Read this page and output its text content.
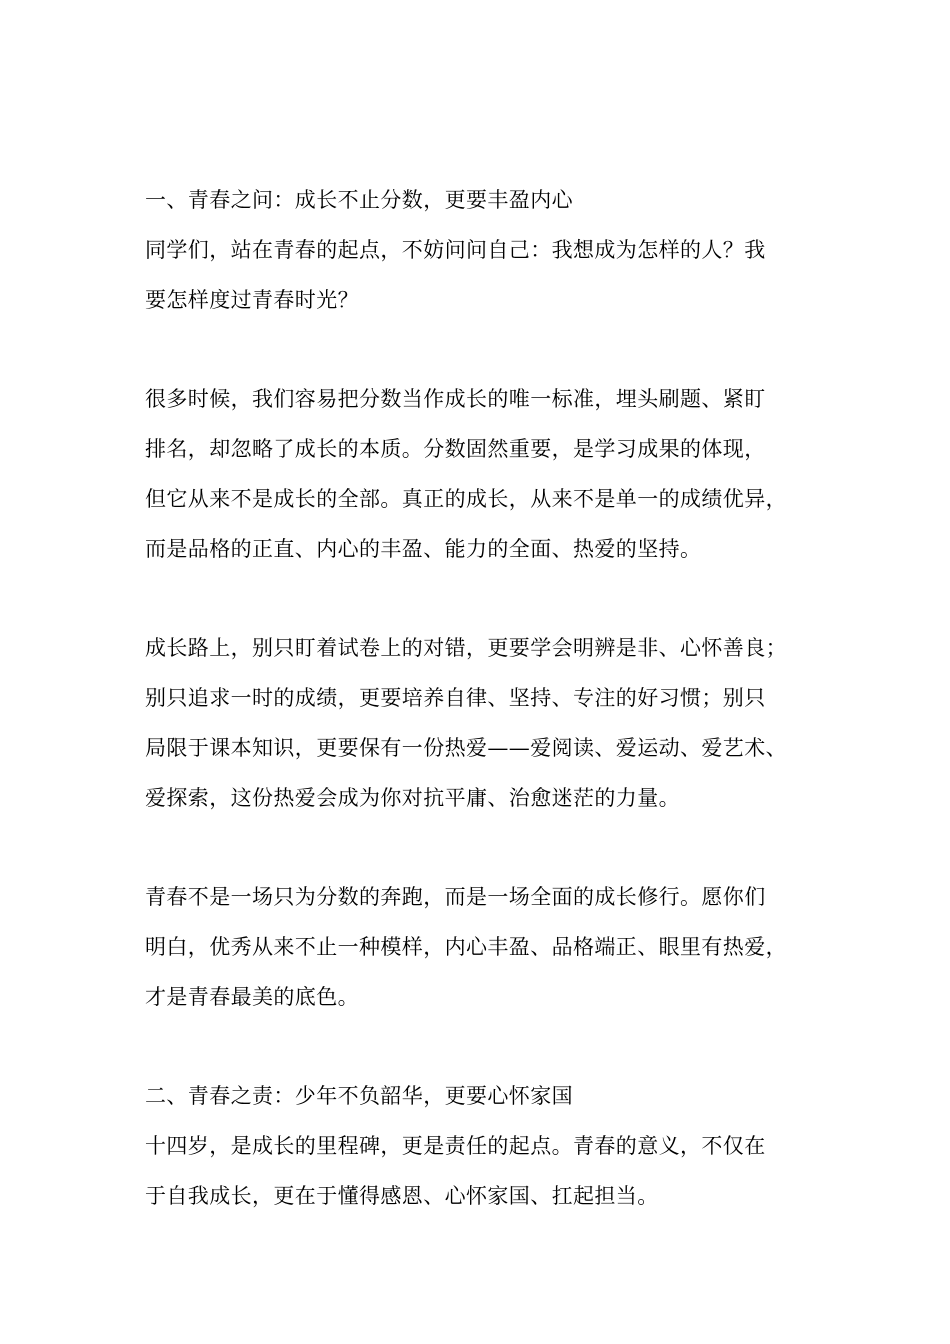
一、青春之问：成长不止分数，更要丰盈内心
同学们，站在青春的起点，不妨问问自己：我想成为怎样的人？我
要怎样度过青春时光？
很多时候，我们容易把分数当作成长的唯一标准，埋头刷题、紧盯
排名，却忽略了成长的本质。分数固然重要，是学习成果的体现，
但它从来不是成长的全部。真正的成长，从来不是单一的成绩优异，
而是品格的正直、内心的丰盈、能力的全面、热爱的坚持。
成长路上，别只盯着试卷上的对错，更要学会明辨是非、心怀善良；
别只追求一时的成绩，更要培养自律、坚持、专注的好习惯；别只
局限于课本知识，更要保有一份热爱——爱阅读、爱运动、爱艺术、
爱探索，这份热爱会成为你对抗平庸、治愈迷茫的力量。
青春不是一场只为分数的奔跑，而是一场全面的成长修行。愿你们
明白，优秀从来不止一种模样，内心丰盈、品格端正、眼里有热爱，
才是青春最美的底色。
二、青春之责：少年不负韶华，更要心怀家国
十四岁，是成长的里程碑，更是责任的起点。青春的意义，不仅在
于自我成长，更在于懂得感恩、心怀家国、扛起担当。
